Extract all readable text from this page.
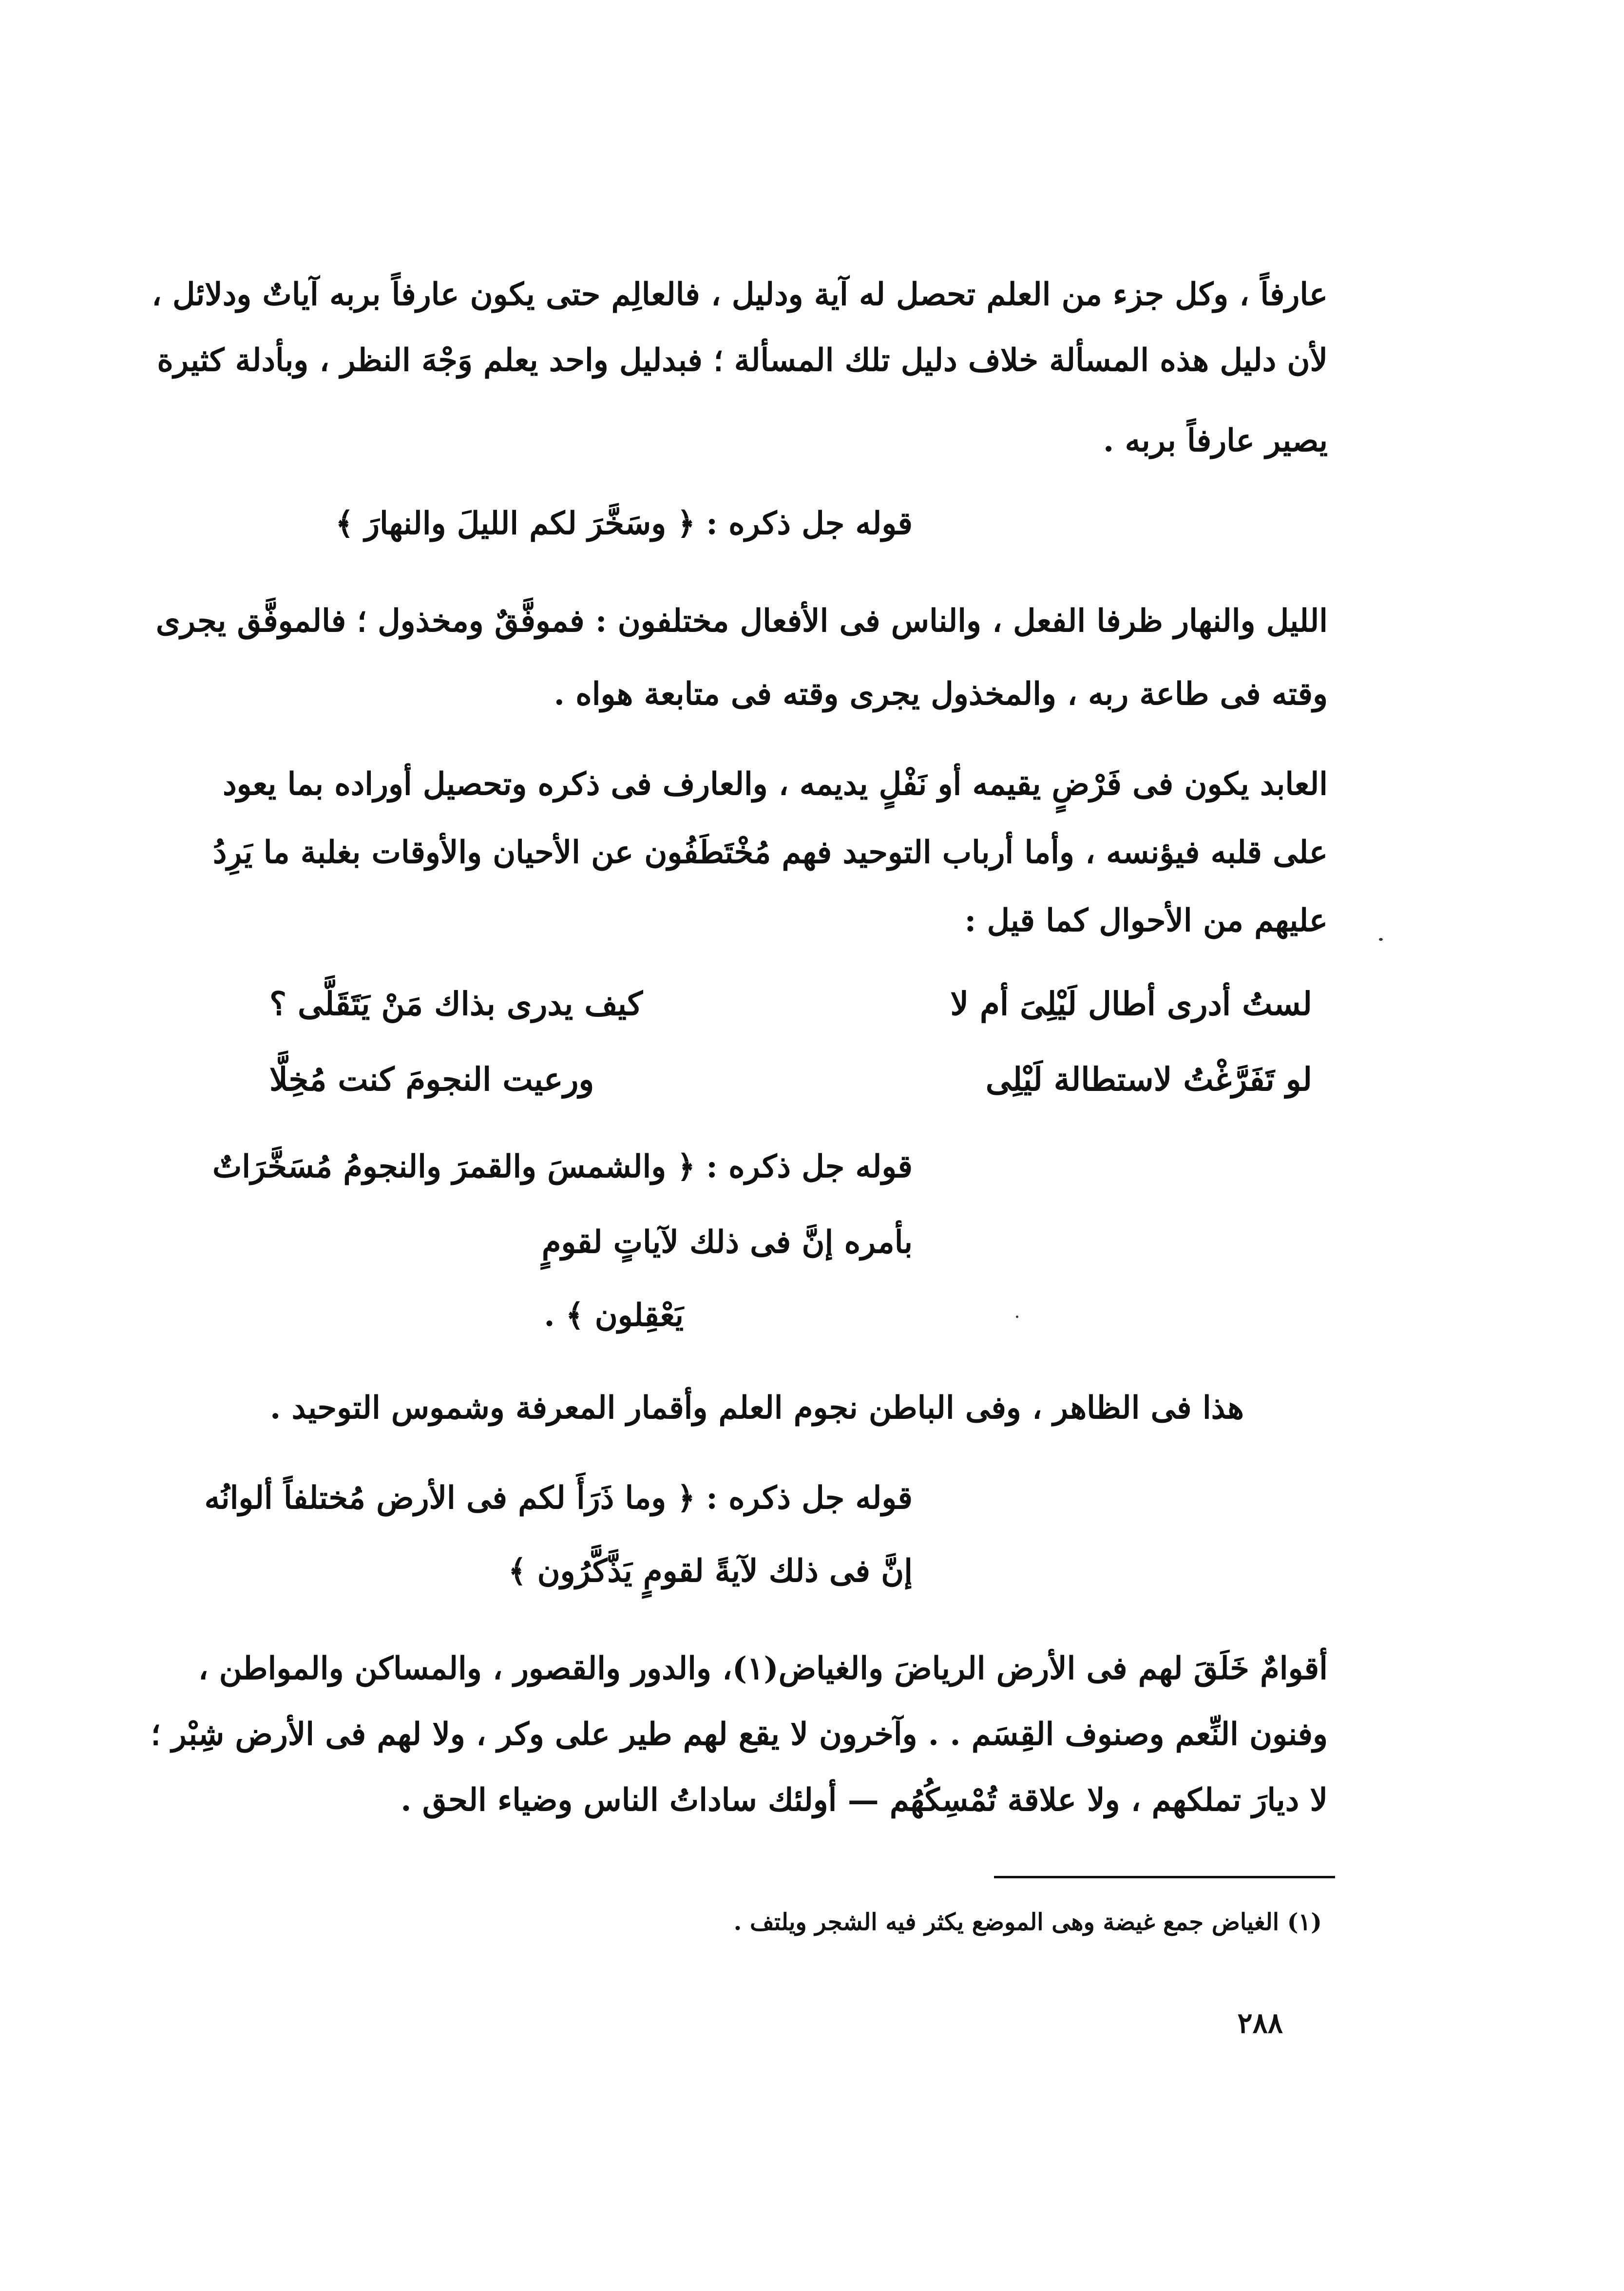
عارفاً ، وكل جزء من العلم تحصل له آية ودليل ، فالعالِم حتى يكون عارفاً بربه آياتٌ ودلائل ،
لأن دليل هذه المسألة خلاف دليل تلك المسألة ؛ فبدليل واحد يعلم وَجْهَ النظر ، وبأدلة كثيرة
يصير عارفاً بربه .
قوله جل ذكره : ﴿ وسَخَّرَ لكم الليلَ والنهارَ ﴾
الليل والنهار ظرفا الفعل ، والناس فى الأفعال مختلفون : فموفَّقٌ ومخذول ؛ فالموفَّق يجرى
وقته فى طاعة ربه ، والمخذول يجرى وقته فى متابعة هواه .
العابد يكون فى فَرْضٍ يقيمه أو نَفْلٍ يديمه ، والعارف فى ذكره وتحصيل أوراده بما يعود
على قلبه فيؤنسه ، وأما أرباب التوحيد فهم مُخْتَطَفُون عن الأحيان والأوقات بغلبة ما يَرِدُ
عليهم من الأحوال كما قيل :
لستُ أدرى أطال لَيْلِىَ أم لا
كيف يدرى بذاك مَنْ يَتَقَلَّى ؟
لو تَفَرَّغْتُ لاستطالة لَيْلِى
ورعيت النجومَ كنت مُخِلَّا
قوله جل ذكره : ﴿ والشمسَ والقمرَ والنجومُ مُسَخَّرَاتٌ
بأمره إنَّ فى ذلك لآياتٍ لقومٍ
يَعْقِلون ﴾ .
هذا فى الظاهر ، وفى الباطن نجوم العلم وأقمار المعرفة وشموس التوحيد .
قوله جل ذكره : ﴿ وما ذَرَأَ لكم فى الأرض مُختلفاً ألوانُه
إنَّ فى ذلك لآيةً لقومٍ يَذَّكَّرُون ﴾
أقوامٌ خَلَقَ لهم فى الأرض الرياضَ والغياض(١)، والدور والقصور ، والمساكن والمواطن ،
وفنون النِّعم وصنوف القِسَم . . وآخرون لا يقع لهم طير على وكر ، ولا لهم فى الأرض شِبْر ؛
لا ديارَ تملكهم ، ولا علاقة تُمْسِكُهُم — أولئك ساداتُ الناس وضياء الحق .
(١) الغياض جمع غيضة وهى الموضع يكثر فيه الشجر ويلتف .
٢٨٨
